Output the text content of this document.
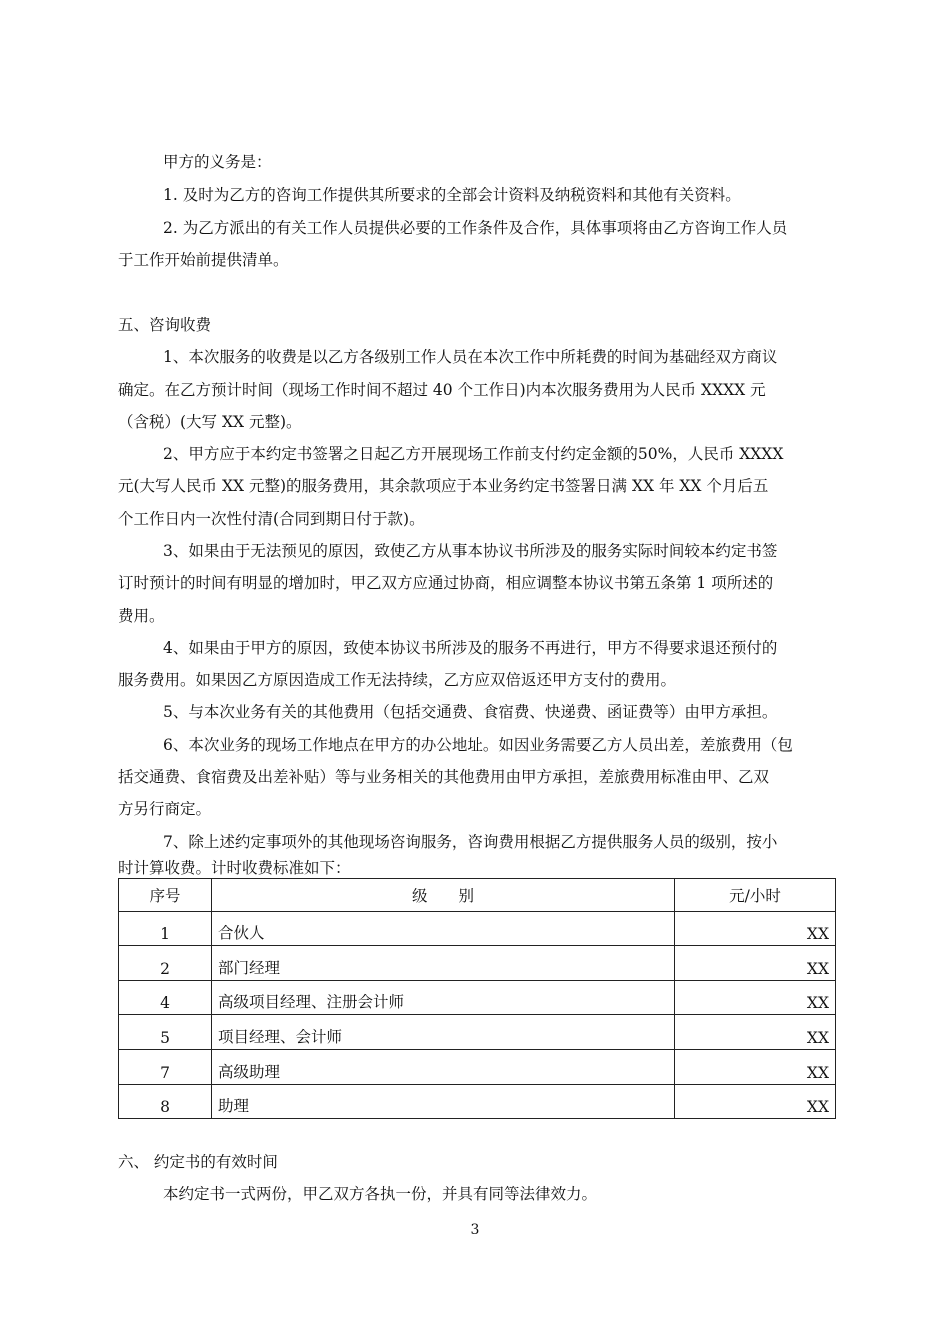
甲方的义务是：
1. 及时为乙方的咨询工作提供其所要求的全部会计资料及纳税资料和其他有关资料。
2. 为乙方派出的有关工作人员提供必要的工作条件及合作，具体事项将由乙方咨询工作人员
于工作开始前提供清单。
五、咨询收费
1、本次服务的收费是以乙方各级别工作人员在本次工作中所耗费的时间为基础经双方商议
确定。在乙方预计时间（现场工作时间不超过 40 个工作日)内本次服务费用为人民币 XXXX 元
（含税）(大写 XX 元整)。
2、甲方应于本约定书签署之日起乙方开展现场工作前支付约定金额的50%，人民币 XXXX
元(大写人民币 XX 元整)的服务费用，其余款项应于本业务约定书签署日满 XX 年 XX 个月后五
个工作日内一次性付清(合同到期日付于款)。
3、如果由于无法预见的原因，致使乙方从事本协议书所涉及的服务实际时间较本约定书签
订时预计的时间有明显的增加时，甲乙双方应通过协商，相应调整本协议书第五条第 1 项所述的
费用。
4、如果由于甲方的原因，致使本协议书所涉及的服务不再进行，甲方不得要求退还预付的
服务费用。如果因乙方原因造成工作无法持续，乙方应双倍返还甲方支付的费用。
5、与本次业务有关的其他费用（包括交通费、食宿费、快递费、函证费等）由甲方承担。
6、本次业务的现场工作地点在甲方的办公地址。如因业务需要乙方人员出差，差旅费用（包
括交通费、食宿费及出差补贴）等与业务相关的其他费用由甲方承担，差旅费用标准由甲、乙双
方另行商定。
7、除上述约定事项外的其他现场咨询服务，咨询费用根据乙方提供服务人员的级别，按小
时计算收费。计时收费标准如下：
序号	级　　别	元/小时
1	合伙人	XX
2	部门经理	XX
4	高级项目经理、注册会计师	XX
5	项目经理、会计师	XX
7	高级助理	XX
8	助理	XX
六、 约定书的有效时间
本约定书一式两份，甲乙双方各执一份，并具有同等法律效力。
3
